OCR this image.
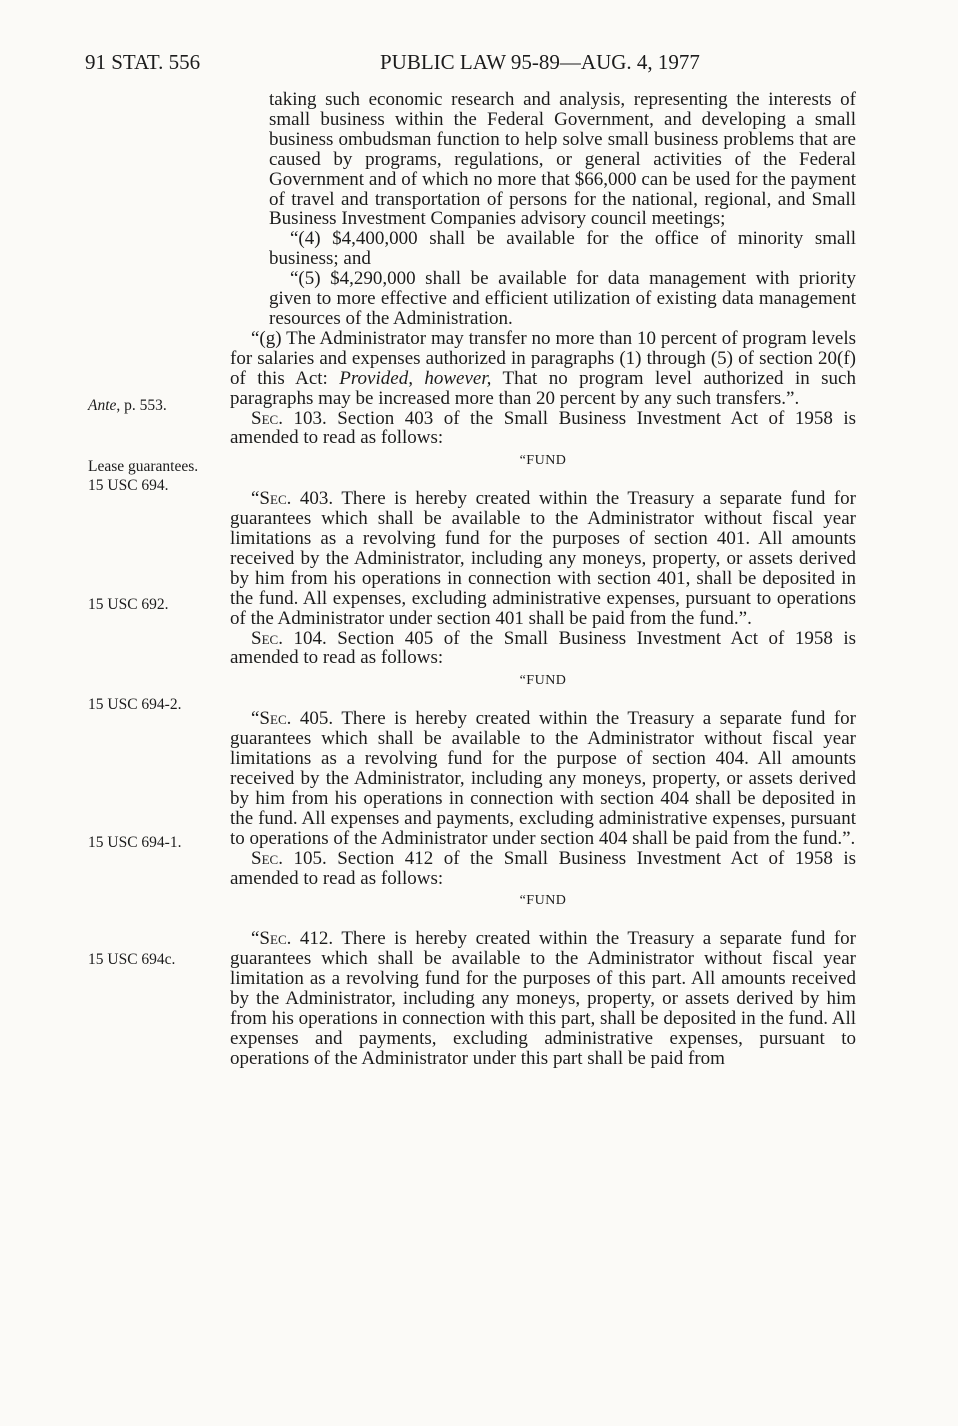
91 STAT. 556	PUBLIC LAW 95-89—AUG. 4, 1977
Ante, p. 553.
Lease guarantees.
15 USC 694.
15 USC 692.
15 USC 694-2.
15 USC 694-1.
15 USC 694c.

taking such economic research and analysis, representing the interests of small business within the Federal Government, and developing a small business ombudsman function to help solve small business problems that are caused by programs, regulations, or general activities of the Federal Government and of which no more that $66,000 can be used for the payment of travel and transportation of persons for the national, regional, and Small Business Investment Companies advisory council meetings;

“(4) $4,400,000 shall be available for the office of minority small business; and

“(5) $4,290,000 shall be available for data management with priority given to more effective and efficient utilization of existing data management resources of the Administration.

“(g) The Administrator may transfer no more than 10 percent of program levels for salaries and expenses authorized in paragraphs (1) through (5) of section 20(f) of this Act: Provided, however, That no program level authorized in such paragraphs may be increased more than 20 percent by any such transfers.”.

Sec. 103. Section 403 of the Small Business Investment Act of 1958 is amended to read as follows:

“FUND

“Sec. 403. There is hereby created within the Treasury a separate fund for guarantees which shall be available to the Administrator without fiscal year limitations as a revolving fund for the purposes of section 401. All amounts received by the Administrator, including any moneys, property, or assets derived by him from his operations in connection with section 401, shall be deposited in the fund. All expenses, excluding administrative expenses, pursuant to operations of the Administrator under section 401 shall be paid from the fund.”.

Sec. 104. Section 405 of the Small Business Investment Act of 1958 is amended to read as follows:

“FUND

“Sec. 405. There is hereby created within the Treasury a separate fund for guarantees which shall be available to the Administrator without fiscal year limitations as a revolving fund for the purpose of section 404. All amounts received by the Administrator, including any moneys, property, or assets derived by him from his operations in connection with section 404 shall be deposited in the fund. All expenses and payments, excluding administrative expenses, pursuant to operations of the Administrator under section 404 shall be paid from the fund.”.

Sec. 105. Section 412 of the Small Business Investment Act of 1958 is amended to read as follows:

“FUND

“Sec. 412. There is hereby created within the Treasury a separate fund for guarantees which shall be available to the Administrator without fiscal year limitation as a revolving fund for the purposes of this part. All amounts received by the Administrator, including any moneys, property, or assets derived by him from his operations in connection with this part, shall be deposited in the fund. All expenses and payments, excluding administrative expenses, pursuant to operations of the Administrator under this part shall be paid from
